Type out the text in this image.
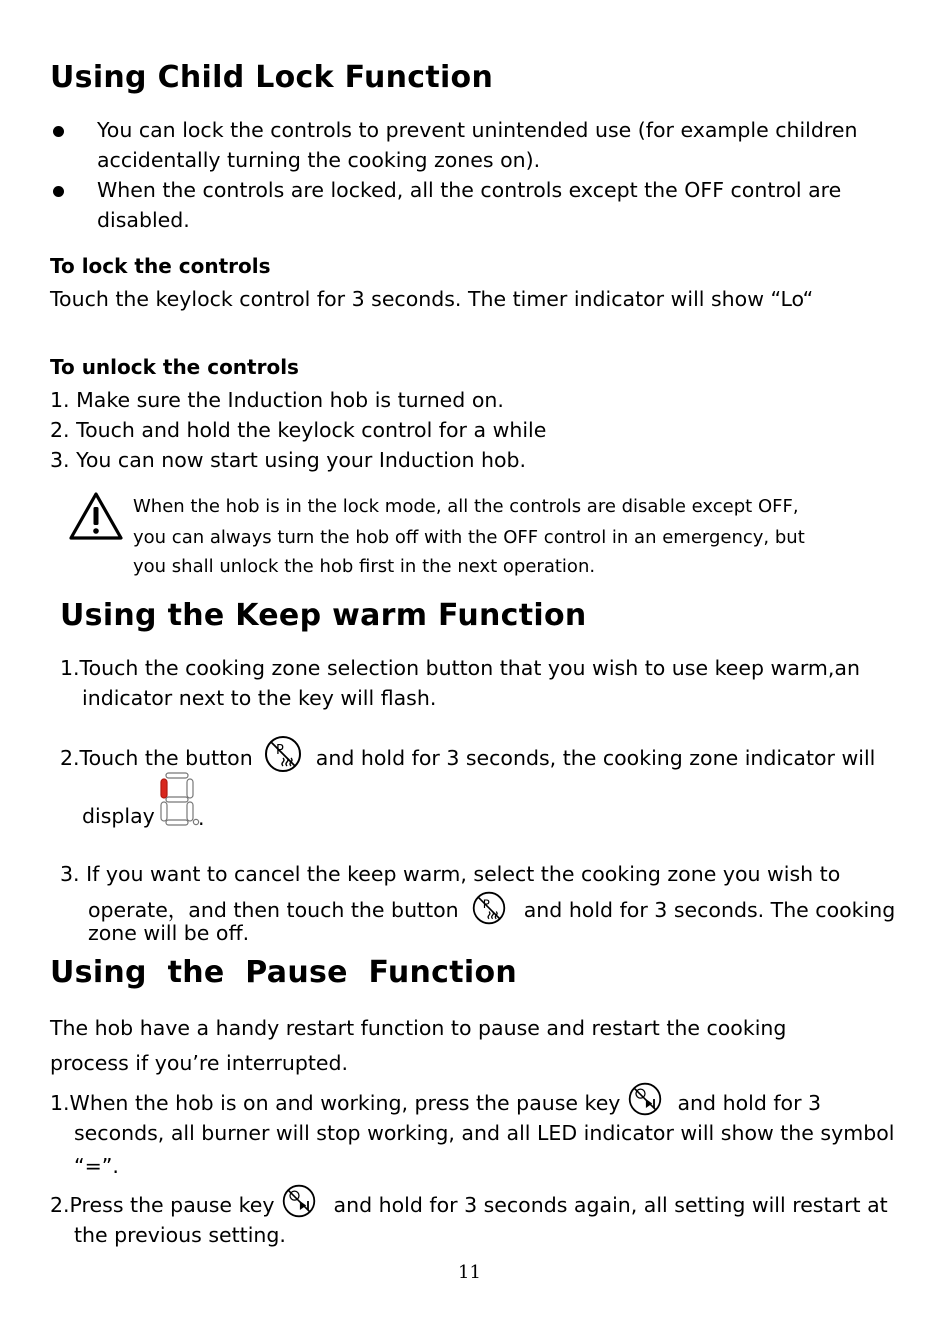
Using Child Lock Function
You can lock the controls to prevent unintended use (for example children
accidentally turning the cooking zones on).
When the controls are locked, all the controls except the OFF control are
disabled.
To lock the controls
Touch the keylock control for 3 seconds. The timer indicator will show “Lo“
To unlock the controls
1. Make sure the Induction hob is turned on.
2. Touch and hold the keylock control for a while
3. You can now start using your Induction hob.
When the hob is in the lock mode, all the controls are disable except OFF,
you can always turn the hob off with the OFF control in an emergency, but
you shall unlock the hob first in the next operation.
Using the Keep warm Function
1.Touch the cooking zone selection button that you wish to use keep warm,an
indicator next to the key will flash.
2.Touch the button P and hold for 3 seconds, the cooking zone indicator will
display .
3. If you want to cancel the keep warm, select the cooking zone you wish to
operate，and then touch the button P and hold for 3 seconds. The cooking
zone will be off.
Using the Pause Function
The hob have a handy restart function to pause and restart the cooking
process if you’re interrupted.
1.When the hob is on and working, press the pause key	and hold for 3
seconds, all burner will stop working, and all LED indicator will show the symbol
“=”.
2.Press the pause key	and hold for 3 seconds again, all setting will restart at
the previous setting.
11
